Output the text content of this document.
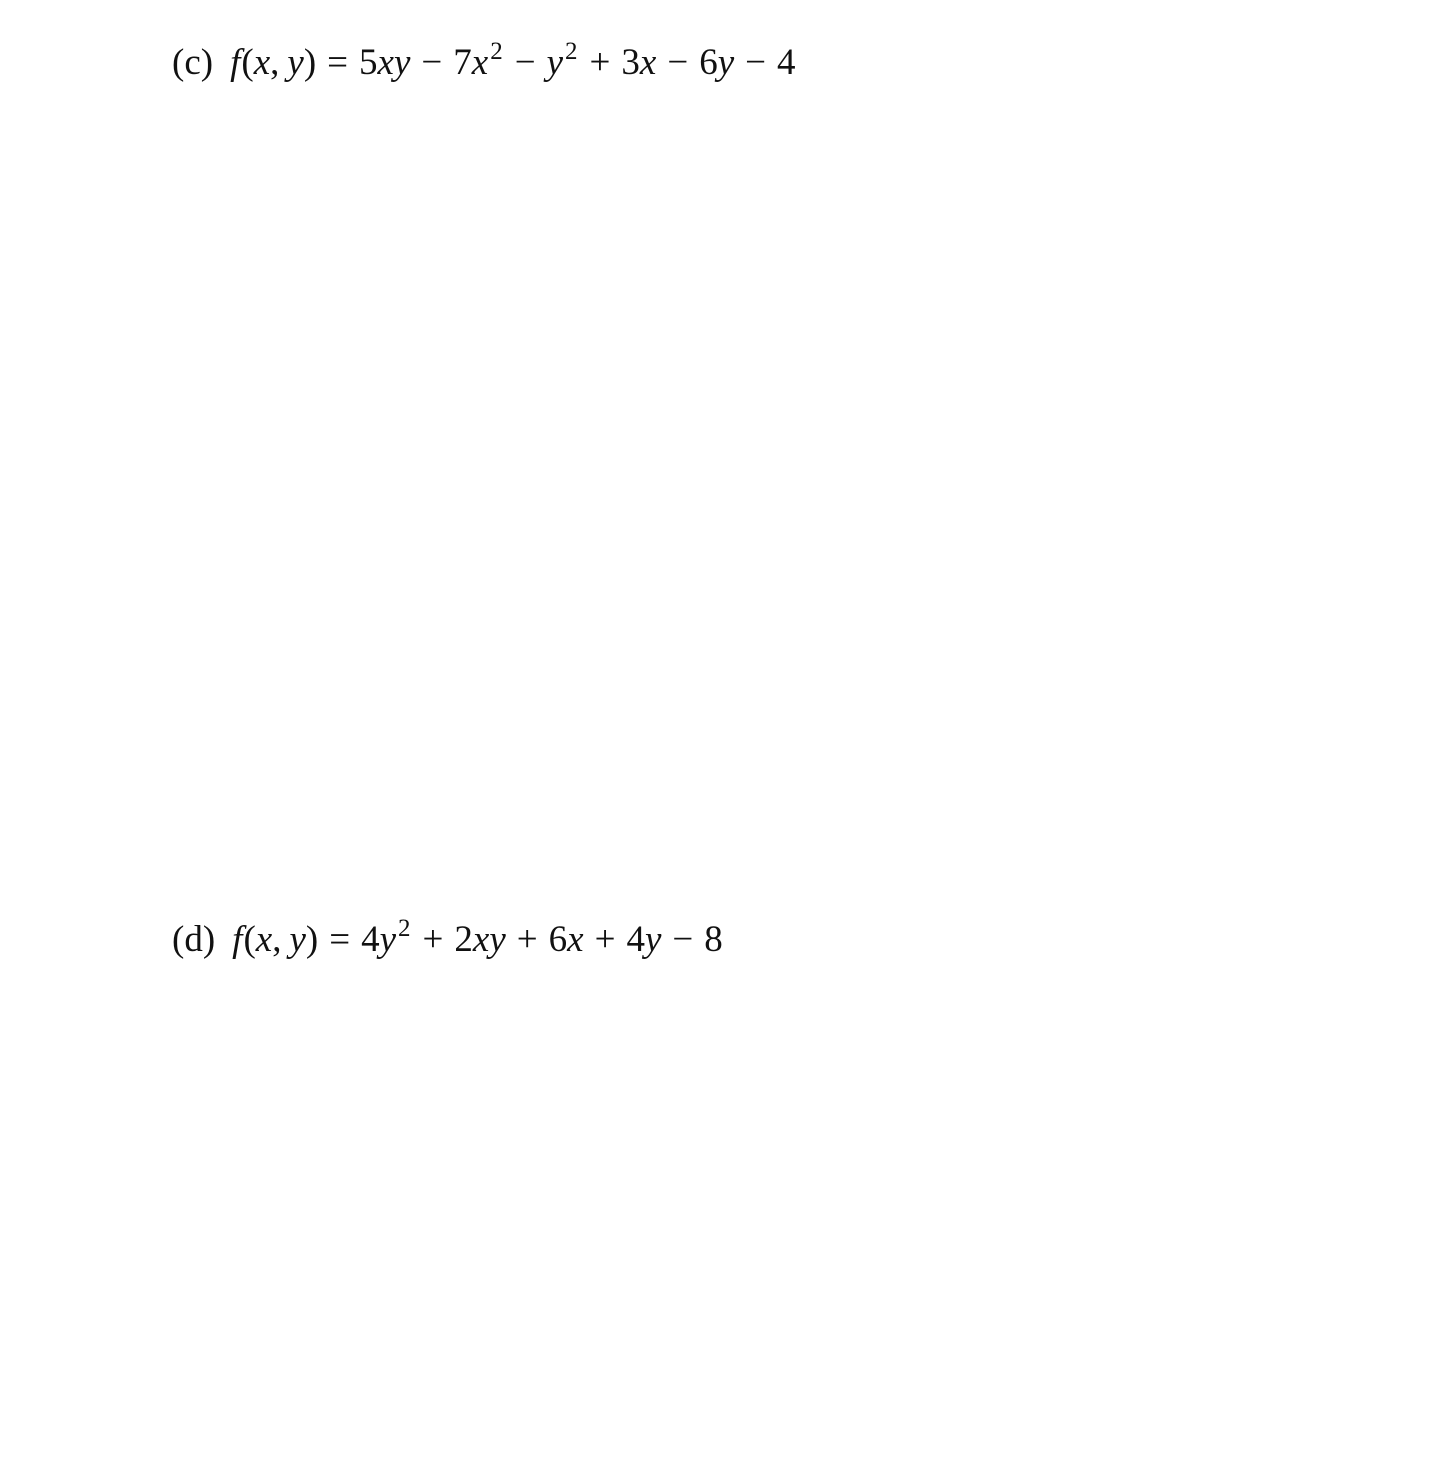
(c) f ( x , y ) = 5 xy − 7 x 2 − y 2 + 3 x − 6 y − 4
(d) f ( x , y ) = 4 y 2 + 2 xy + 6 x + 4 y − 8
